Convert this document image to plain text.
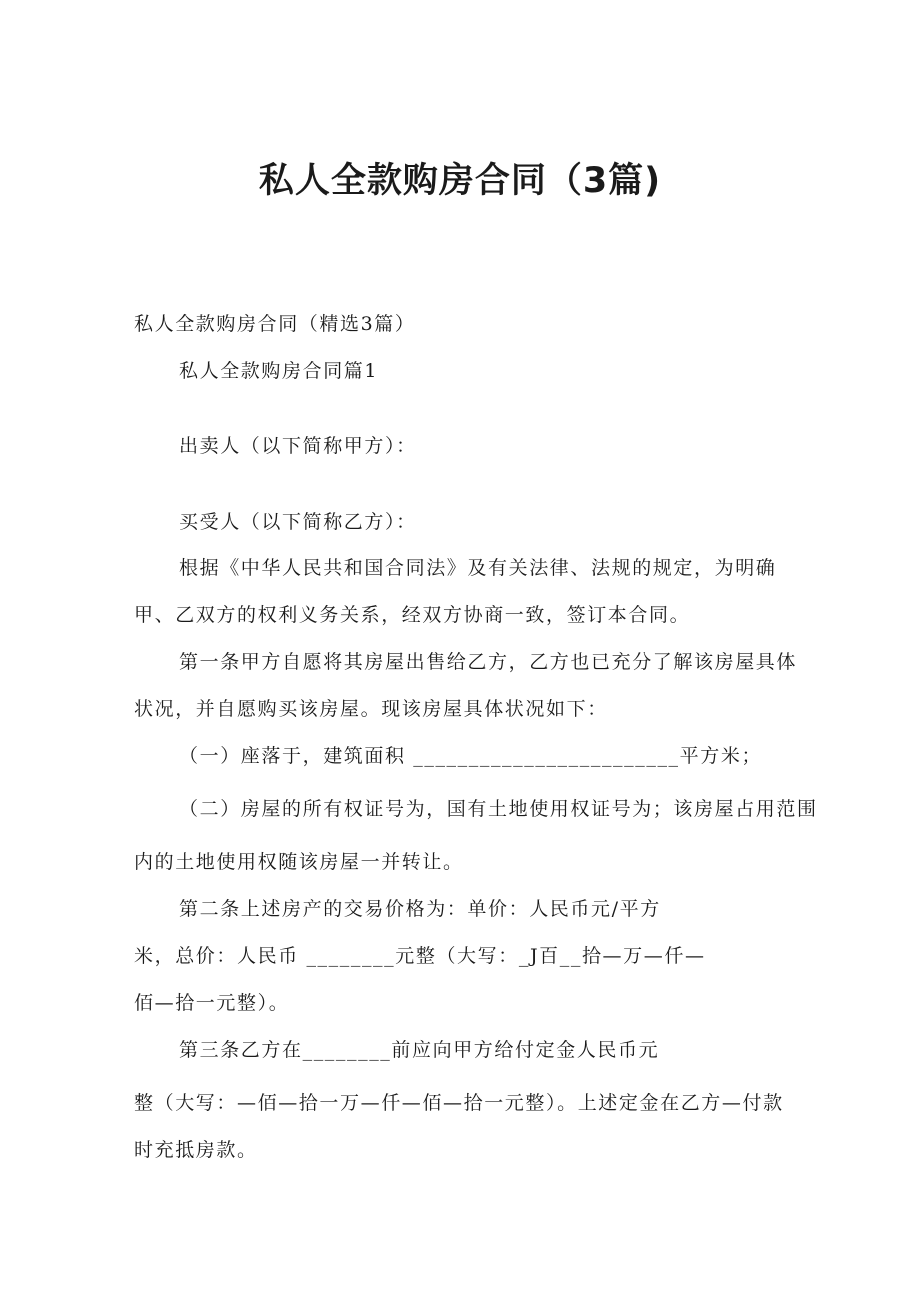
私人全款购房合同（3篇)
私人全款购房合同（精选3篇）
私人全款购房合同篇1
出卖人（以下简称甲方）：
买受人（以下简称乙方）：
根据《中华人民共和国合同法》及有关法律、法规的规定，为明确
甲、乙双方的权利义务关系，经双方协商一致，签订本合同。
第一条甲方自愿将其房屋出售给乙方，乙方也已充分了解该房屋具体
状况，并自愿购买该房屋。现该房屋具体状况如下：
（一）座落于，建筑面积 ________________________平方米；
（二）房屋的所有权证号为，国有土地使用权证号为；该房屋占用范围
内的土地使用权随该房屋一并转让。
第二条上述房产的交易价格为：单价：人民币元/平方
米，总价：人民币 ________元整（大写：_J百__拾—万—仟—
佰—拾一元整）。
第三条乙方在________前应向甲方给付定金人民币元
整（大写：—佰—拾一万—仟—佰—拾一元整）。上述定金在乙方—付款
时充抵房款。
